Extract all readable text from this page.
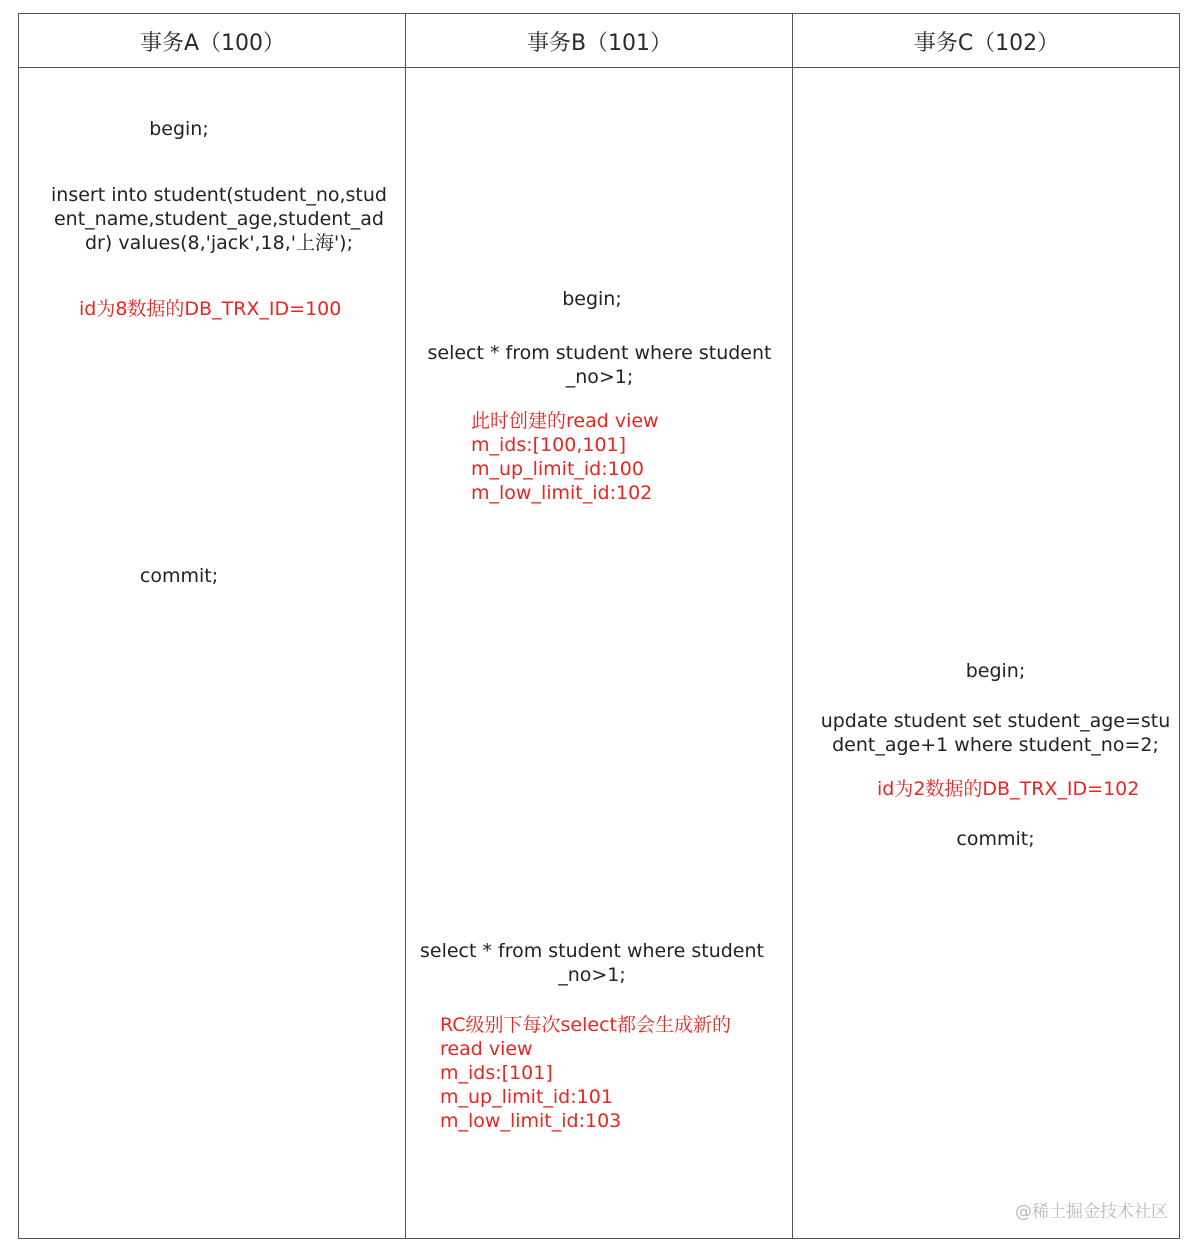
事务A（100）	事务B（101）	事务C（102）
begin;
insert into student(student_no,stud
ent_name,student_age,student_ad
dr) values(8,'jack',18,'上海');
id为8数据的DB_TRX_ID=100
commit;
begin;
select * from student where student
_no>1;
此时创建的read view
m_ids:[100,101]
m_up_limit_id:100
m_low_limit_id:102
select * from student where student
_no>1;
RC级别下每次select都会生成新的
read view
m_ids:[101]
m_up_limit_id:101
m_low_limit_id:103
begin;
update student set student_age=stu
dent_age+1 where student_no=2;
id为2数据的DB_TRX_ID=102
commit;
@稀土掘金技术社区
